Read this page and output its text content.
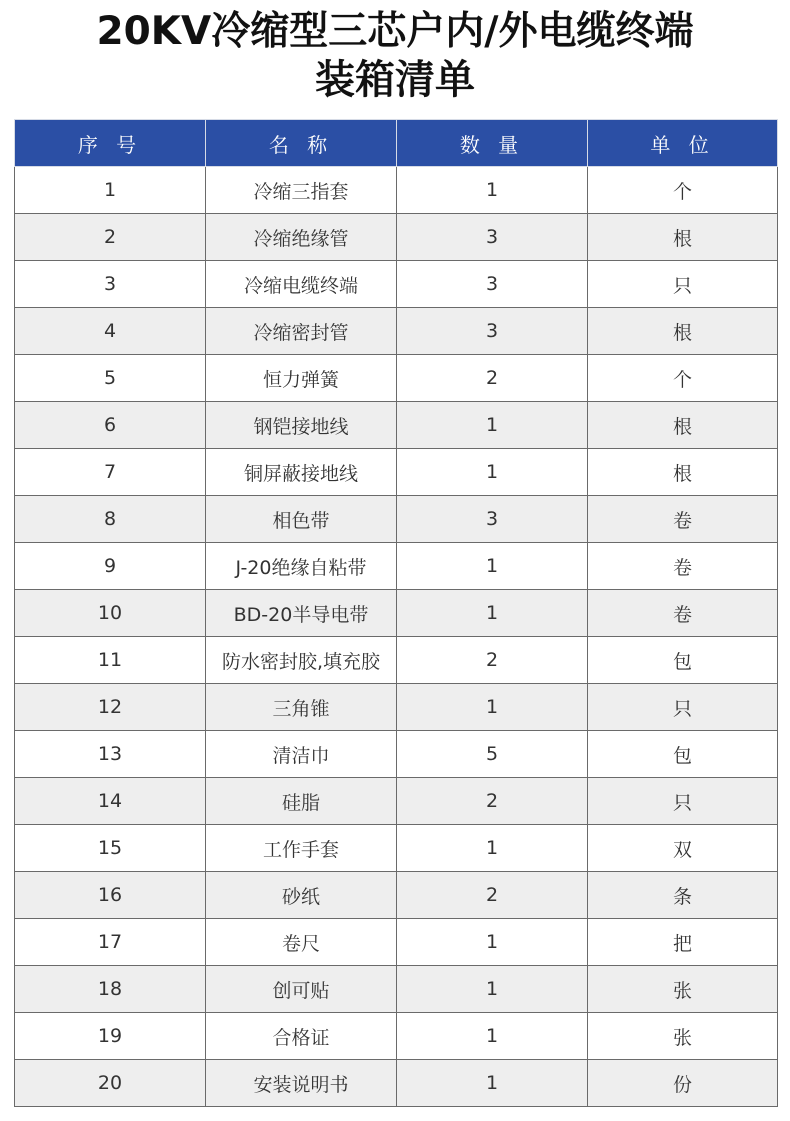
20KV冷缩型三芯户内/外电缆终端
装箱清单
序 号	名 称	数 量	单 位
1	冷缩三指套	1	个
2	冷缩绝缘管	3	根
3	冷缩电缆终端	3	只
4	冷缩密封管	3	根
5	恒力弹簧	2	个
6	钢铠接地线	1	根
7	铜屏蔽接地线	1	根
8	相色带	3	卷
9	J-20绝缘自粘带	1	卷
10	BD-20半导电带	1	卷
11	防水密封胶,填充胶	2	包
12	三角锥	1	只
13	清洁巾	5	包
14	硅脂	2	只
15	工作手套	1	双
16	砂纸	2	条
17	卷尺	1	把
18	创可贴	1	张
19	合格证	1	张
20	安装说明书	1	份
